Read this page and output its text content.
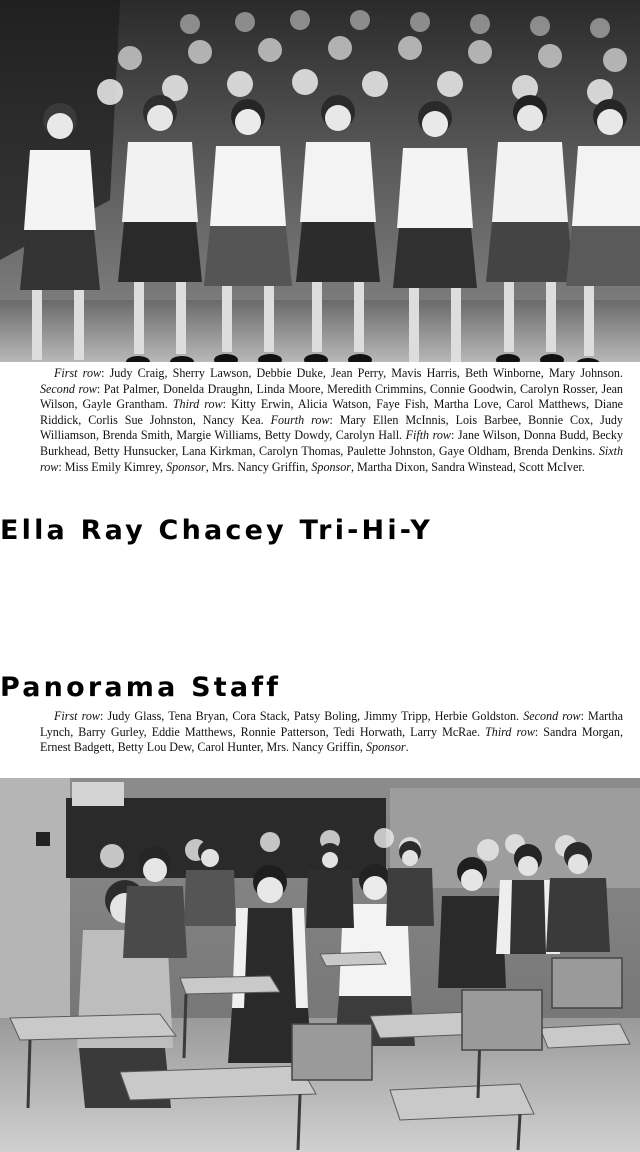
First row: Judy Craig, Sherry Lawson, Debbie Duke, Jean Perry, Mavis Harris, Beth Winborne, Mary Johnson. Second row: Pat Palmer, Donelda Draughn, Linda Moore, Meredith Crimmins, Connie Goodwin, Carolyn Rosser, Jean Wilson, Gayle Grantham. Third row: Kitty Erwin, Alicia Watson, Faye Fish, Martha Love, Carol Matthews, Diane Riddick, Corlis Sue Johnston, Nancy Kea. Fourth row: Mary Ellen McInnis, Lois Barbee, Bonnie Cox, Judy Williamson, Brenda Smith, Margie Williams, Betty Dowdy, Carolyn Hall. Fifth row: Jane Wilson, Donna Budd, Becky Burkhead, Betty Hunsucker, Lana Kirkman, Carolyn Thomas, Paulette Johnston, Gaye Oldham, Brenda Denkins. Sixth row: Miss Emily Kimrey, Sponsor, Mrs. Nancy Griffin, Sponsor, Martha Dixon, Sandra Winstead, Scott McIver.
Ella Ray Chacey Tri-Hi-Y
Panorama Staff
First row: Judy Glass, Tena Bryan, Cora Stack, Patsy Boling, Jimmy Tripp, Herbie Goldston. Second row: Martha Lynch, Barry Gurley, Eddie Matthews, Ronnie Patterson, Tedi Horwath, Larry McRae. Third row: Sandra Morgan, Ernest Badgett, Betty Lou Dew, Carol Hunter, Mrs. Nancy Griffin, Sponsor.
